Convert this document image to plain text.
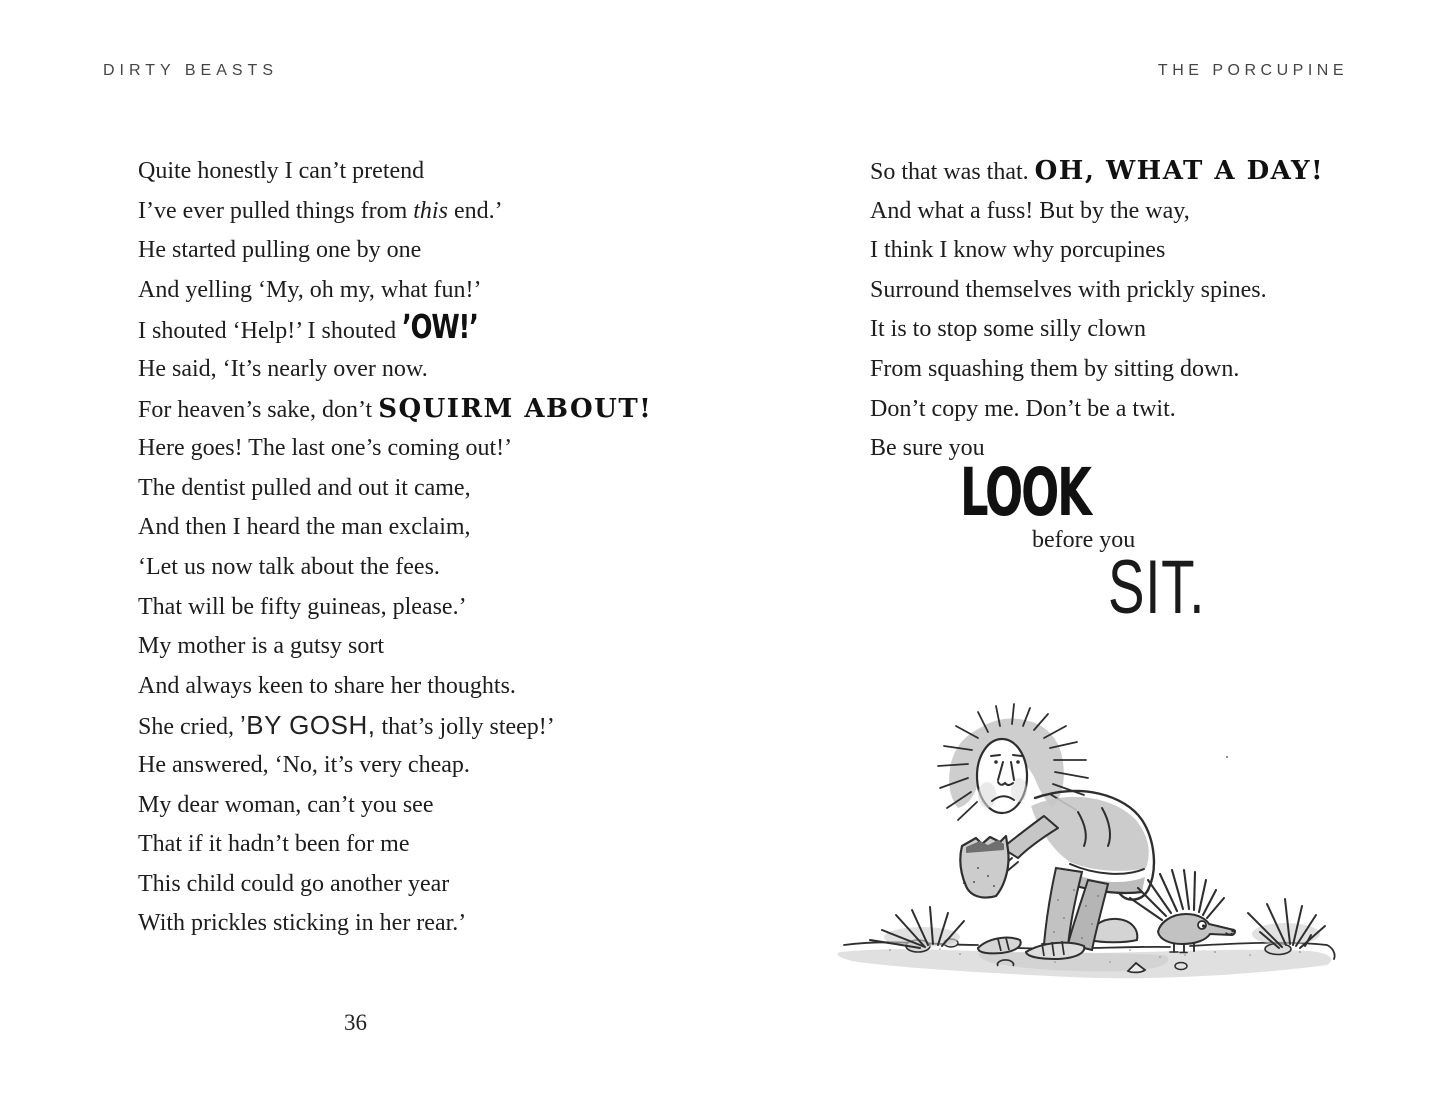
DIRTY BEASTS	THE PORCUPINE
Quite honestly I can’t pretend
I’ve ever pulled things from this end.’
He started pulling one by one
And yelling ‘My, oh my, what fun!’
I shouted ‘Help!’ I shouted ’OW!’
He said, ‘It’s nearly over now.
For heaven’s sake, don’t SQUIRM ABOUT!
Here goes! The last one’s coming out!’
The dentist pulled and out it came,
And then I heard the man exclaim,
‘Let us now talk about the fees.
That will be fifty guineas, please.’
My mother is a gutsy sort
And always keen to share her thoughts.
She cried, ’BY GOSH, that’s jolly steep!’
He answered, ‘No, it’s very cheap.
My dear woman, can’t you see
That if it hadn’t been for me
This child could go another year
With prickles sticking in her rear.’
So that was that. OH, WHAT A DAY!
And what a fuss! But by the way,
I think I know why porcupines
Surround themselves with prickly spines.
It is to stop some silly clown
From squashing them by sitting down.
Don’t copy me. Don’t be a twit.
Be sure you
LOOK
before you
SIT.
36
